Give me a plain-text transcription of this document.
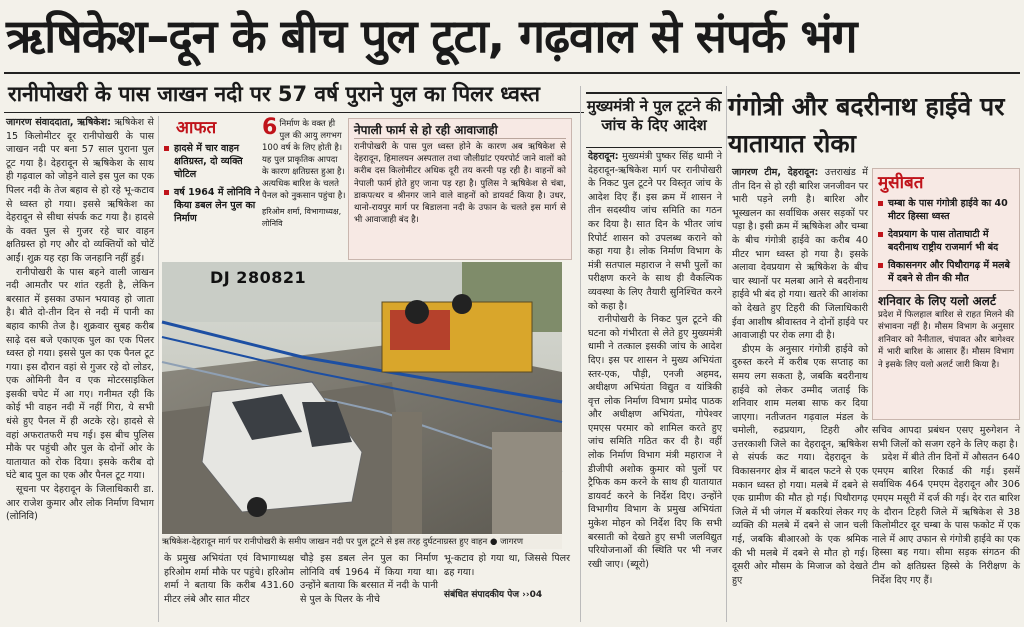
ऋषिकेश–दून के बीच पुल टूटा, गढ़वाल से संपर्क भंग
रानीपोखरी के पास जाखन नदी पर 57 वर्ष पुराने पुल का पिलर ध्वस्त

जागरण संवाददाता, ऋषिकेश: ऋषिकेश से 15 किलोमीटर दूर रानीपोखरी के पास जाखन नदी पर बना 57 साल पुराना पुल टूट गया है। देहरादून से ऋषिकेश के साथ ही गढ़वाल को जोड़ने वाले इस पुल का एक पिलर नदी के तेज बहाव से हो रहे भू-कटाव से ध्वस्त हो गया। इससे ऋषिकेश का देहरादून से सीधा संपर्क कट गया है। हादसे के वक्त पुल से गुजर रहे चार वाहन क्षतिग्रस्त हो गए और दो व्यक्तियों को चोटें आईं। शुक्र यह रहा कि जनहानि नहीं हुई।

रानीपोखरी के पास बहने वाली जाखन नदी आमतौर पर शांत रहती है, लेकिन बरसात में इसका उफान भयावह हो जाता है। बीते दो-तीन दिन से नदी में पानी का बहाव काफी तेज है। शुक्रवार सुबह करीब साढ़े दस बजे एकाएक पुल का एक पिलर ध्वस्त हो गया। इससे पुल का एक पैनल टूट गया। इस दौरान वहां से गुजर रहे दो लोडर, एक ओमिनी वैन व एक मोटरसाइकिल इसकी चपेट में आ गए। गनीमत रही कि कोई भी वाहन नदी में नहीं गिरा, ये सभी धंसे हुए पैनल में ही अटके रहे। हादसे से वहां अफरातफरी मच गई। इस बीच पुलिस मौके पर पहुंची और पुल के दोनों ओर के यातायात को रोक दिया। इसके करीब दो घंटे बाद पुल का एक और पैनल टूट गया।

सूचना पर देहरादून के जिलाधिकारी डा. आर राजेश कुमार और लोक निर्माण विभाग (लोनिवि)

आफत
हादसे में चार वाहन क्षतिग्रस्त, दो व्यक्ति चोटिल
वर्ष 1964 में लोनिवि ने किया डबल लेन पुल का निर्माण
6 निर्माण के वक्त ही पुल की आयु लगभग 100 वर्ष के लिए होती है। यह पुल प्राकृतिक आपदा के कारण क्षतिग्रस्त हुआ है। अत्यधिक बारिश के चलते पैनल को नुकसान पहुंचा है।
हरिओम शर्मा, विभागाध्यक्ष, लोनिवि
नेपाली फार्म से हो रही आवाजाही
रानीपोखरी के पास पुल ध्वस्त होने के कारण अब ऋषिकेश से देहरादून, हिमालयन अस्पताल तथा जौलीग्रांट एयरपोर्ट जाने वालों को करीब दस किलोमीटर अधिक दूरी तय करनी पड़ रही है। वाहनों को नेपाली फार्म होते हुए जाना पड़ रहा है। पुलिस ने ऋषिकेश से चंबा, डाकपत्थर व श्रीनगर जाने वाले वाहनों को डायवर्ट किया है। उधर, थानो-रायपुर मार्ग पर बिडालना नदी के उफान के चलते इस मार्ग से भी आवाजाही बंद है।
DJ 280821
ऋषिकेश-देहरादून मार्ग पर रानीपोखरी के समीप जाखन नदी पर पुल टूटने से इस तरह दुर्घटनाग्रस्त हुए वाहन ● जागरण

के प्रमुख अभियंता एवं विभागाध्यक्ष हरिओम शर्मा मौके पर पहुंचे। हरिओम शर्मा ने बताया कि करीब 431.60 मीटर लंबे और सात मीटर

चौड़े इस डबल लेन पुल का निर्माण लोनिवि वर्ष 1964 में किया गया था। उन्होंने बताया कि बरसात में नदी के पानी से पुल के पिलर के नीचे

भू-कटाव हो गया था, जिससे पिलर ढह गया।

संबंधित संपादकीय पेज ››04

मुख्यमंत्री ने पुल टूटने की जांच के दिए आदेश

देहरादून: मुख्यमंत्री पुष्कर सिंह धामी ने देहरादून-ऋषिकेश मार्ग पर रानीपोखरी के निकट पुल टूटने पर विस्तृत जांच के आदेश दिए हैं। इस क्रम में शासन ने तीन सदस्यीय जांच समिति का गठन कर दिया है। सात दिन के भीतर जांच रिपोर्ट शासन को उपलब्ध कराने को कहा गया है। लोक निर्माण विभाग के मंत्री सतपाल महाराज ने सभी पुलों का परीक्षण करने के साथ ही वैकल्पिक व्यवस्था के लिए तैयारी सुनिश्चित करने को कहा है।

रानीपोखरी के निकट पुल टूटने की घटना को गंभीरता से लेते हुए मुख्यमंत्री धामी ने तत्काल इसकी जांच के आदेश दिए। इस पर शासन ने मुख्य अभियंता स्तर-एक, पौड़ी, एनजी अहमद, अधीक्षण अभियंता विद्युत व यांत्रिकी वृत्त लोक निर्माण विभाग प्रमोद पाठक और अधीक्षण अभियंता, गोपेश्वर एमएस परमार को शामिल करते हुए जांच समिति गठित कर दी है। वहीं लोक निर्माण विभाग मंत्री महाराज ने डीजीपी अशोक कुमार को पुलों पर ट्रैफिक कम करने के साथ ही यातायात डायवर्ट करने के निर्देश दिए। उन्होंने विभागीय विभाग के प्रमुख अभियंता मुकेश मोहन को निर्देश दिए कि सभी बरसाती को देखते हुए सभी जलविद्युत परियोजनाओं की स्थिति पर भी नजर रखी जाए। (ब्यूरो)

गंगोत्री और बदरीनाथ हाईवे पर यातायात रोका

जागरण टीम, देहरादून: उत्तराखंड में तीन दिन से हो रही बारिश जनजीवन पर भारी पड़ने लगी है। बारिश और भूस्खलन का सर्वाधिक असर सड़कों पर पड़ा है। इसी क्रम में ऋषिकेश और चम्बा के बीच गंगोत्री हाईवे का करीब 40 मीटर भाग ध्वस्त हो गया है। इसके अलावा देवप्रयाग से ऋषिकेश के बीच चार स्थानों पर मलबा आने से बदरीनाथ हाईवे भी बंद हो गया। खतरे की आशंका को देखते हुए टिहरी की जिलाधिकारी ईवा आशीष श्रीवास्तव ने दोनों हाईवे पर आवाजाही पर रोक लगा दी है।

डीएम के अनुसार गंगोत्री हाईवे को दुरुस्त करने में करीब एक सप्ताह का समय लग सकता है, जबकि बदरीनाथ हाईवे को लेकर उम्मीद जताई कि शनिवार शाम मलबा साफ कर दिया जाएगा। नतीजतन गढ़वाल मंडल के चमोली, रुद्रप्रयाग, टिहरी और उत्तरकाशी जिले का देहरादून, ऋषिकेश से संपर्क कट गया। देहरादून के विकासनगर क्षेत्र में बादल फटने से एक मकान ध्वस्त हो गया। मलबे में दबने से एक ग्रामीण की मौत हो गई। पिथौरागढ़ जिले में भी जंगल में बकरियां लेकर गए व्यक्ति की मलबे में दबने से जान चली गई, जबकि बीआरओ के एक श्रमिक की भी मलबे में दबने से मौत हो गई। दूसरी ओर मौसम के मिजाज को देखते हुए

मुसीबत
चम्बा के पास गंगोत्री हाईवे का 40 मीटर हिस्सा ध्वस्त
देवप्रयाग के पास तोताघाटी में बदरीनाथ राष्ट्रीय राजमार्ग भी बंद
विकासनगर और पिथौरागढ़ में मलबे में दबने से तीन की मौत
शनिवार के लिए यलो अलर्ट
प्रदेश में फिलहाल बारिश से राहत मिलने की संभावना नहीं है। मौसम विभाग के अनुसार शनिवार को नैनीताल, चंपावत और बागेश्वर में भारी बारिश के आसार हैं। मौसम विभाग ने इसके लिए यलो अलर्ट जारी किया है।

सचिव आपदा प्रबंधन एसए मुरुगेशन ने सभी जिलों को सजग रहने के लिए कहा है।

प्रदेश में बीते तीन दिनों में औसतन 640 एमएम बारिश रिकार्ड की गई। इसमें सर्वाधिक 464 एमएम देहरादून और 306 एमएम मसूरी में दर्ज की गई। देर रात बारिश के दौरान टिहरी जिले में ऋषिकेश से 38 किलोमीटर दूर चम्बा के पास फकोट में एक नाले में आए उफान से गंगोत्री हाईवे का एक हिस्सा बह गया। सीमा सड़क संगठन की टीम को क्षतिग्रस्त हिस्से के निरीक्षण के निर्देश दिए गए हैं।
